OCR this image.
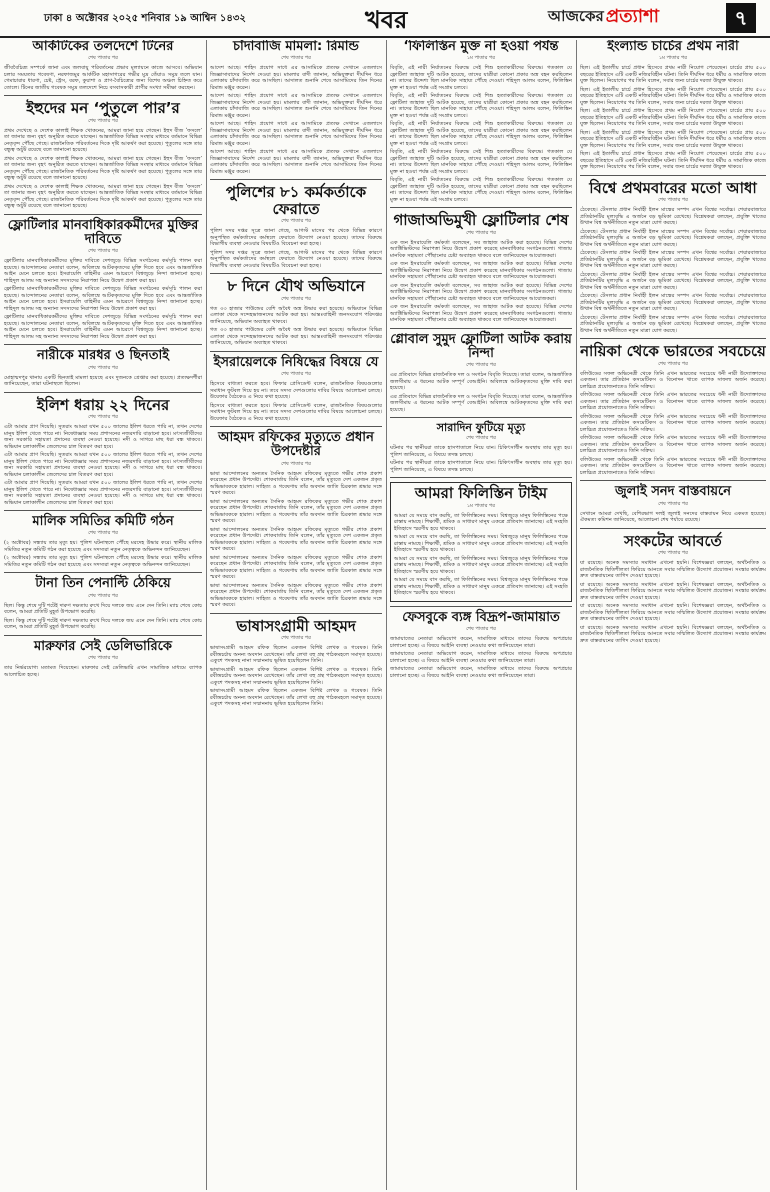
ঢাকা ৪ অক্টোবর ২০২৫ শনিবার ১৯ আশ্বিন ১৪৩২	খবর	আজকের প্রত্যাশা	৭
আর্কটিকের তলদেশে টিনের
শেষ পাতার পর

জীববৈচিত্র্য সম্পর্কে জানা এবং জলবায়ু পরিবর্তনের প্রভাব মূল্যায়নে কাজে আসবে। অভিযান চলার সময়তায় গবেষণা, নরফাজমুর আর্কটিক মহাসাগরের গভীর মুদ্র তেঁয়াও সমুদ্র তলে যান। গেমাচারার ধারণা, চেষ্ট, স্ট্রেস, বরফ, কুয়াশা ও প্রাণ-বৈচিত্র্যের জন্য বিশেষ অঞ্চল চিহ্নিত করে তোলে। টিনের জাতীয় গবেষক সমুদ্র তলদেশে নিচে বসবাসকারী প্রাণীর সংখ্যা সমীক্ষা করছেন।

ইহুদের মন ‘পুতুলে পার’র
শেষ পাতার পর

প্রথম দেখেছে ও দেশেক কালাই শিক্ষক খোকনের, আমরা জানা হয়ে গেছেন। ইহুদ বীজ ‘ফসলে’ তা জানার জন্য বৃহৎ অনুষ্ঠিত করতে যাচ্ছেন। আন্তর্জাতিক বিভিন্ন সংস্থার মাধ্যমে বর্তমানে বিভিন্ন নেতৃবৃন্দ পৌঁছে গেছে। রাজনৈতিক পরিবর্তনের দিকে দৃষ্টি আকর্ষণ করা হয়েছে। পুতুলের সঙ্গে তার বন্ধুত্ব অটুট রয়েছে বলে জানানো হয়েছে।

প্রথম দেখেছে ও দেশেক কালাই শিক্ষক খোকনের, আমরা জানা হয়ে গেছেন। ইহুদ বীজ ‘ফসলে’ তা জানার জন্য বৃহৎ অনুষ্ঠিত করতে যাচ্ছেন। আন্তর্জাতিক বিভিন্ন সংস্থার মাধ্যমে বর্তমানে বিভিন্ন নেতৃবৃন্দ পৌঁছে গেছে। রাজনৈতিক পরিবর্তনের দিকে দৃষ্টি আকর্ষণ করা হয়েছে। পুতুলের সঙ্গে তার বন্ধুত্ব অটুট রয়েছে বলে জানানো হয়েছে।

প্রথম দেখেছে ও দেশেক কালাই শিক্ষক খোকনের, আমরা জানা হয়ে গেছেন। ইহুদ বীজ ‘ফসলে’ তা জানার জন্য বৃহৎ অনুষ্ঠিত করতে যাচ্ছেন। আন্তর্জাতিক বিভিন্ন সংস্থার মাধ্যমে বর্তমানে বিভিন্ন নেতৃবৃন্দ পৌঁছে গেছে। রাজনৈতিক পরিবর্তনের দিকে দৃষ্টি আকর্ষণ করা হয়েছে। পুতুলের সঙ্গে তার বন্ধুত্ব অটুট রয়েছে বলে জানানো হয়েছে।

ফ্লোটিলার মানবাধিকারকর্মীদের মুক্তির দাবিতে
শেষ পাতার পর

ফ্লোটিলার মানবাধিকারকর্মীদের মুক্তির দাবিতে দেশজুড়ে বিভিন্ন সংগঠনের কর্মসূচি পালন করা হয়েছে। আন্দোলনের নেতারা বলেন, অবিলম্বে আটককৃতদের মুক্তি দিতে হবে এবং আন্তর্জাতিক আইন মেনে চলতে হবে। ইসরায়েলি বাহিনীর এমন আচরণে বিশ্বজুড়ে নিন্দা জানানো হচ্ছে। শাহিদুল আলম সহ অন্যান্য সদস্যদের নিরাপত্তা নিয়ে উদ্বেগ প্রকাশ করা হয়।

ফ্লোটিলার মানবাধিকারকর্মীদের মুক্তির দাবিতে দেশজুড়ে বিভিন্ন সংগঠনের কর্মসূচি পালন করা হয়েছে। আন্দোলনের নেতারা বলেন, অবিলম্বে আটককৃতদের মুক্তি দিতে হবে এবং আন্তর্জাতিক আইন মেনে চলতে হবে। ইসরায়েলি বাহিনীর এমন আচরণে বিশ্বজুড়ে নিন্দা জানানো হচ্ছে। শাহিদুল আলম সহ অন্যান্য সদস্যদের নিরাপত্তা নিয়ে উদ্বেগ প্রকাশ করা হয়।

ফ্লোটিলার মানবাধিকারকর্মীদের মুক্তির দাবিতে দেশজুড়ে বিভিন্ন সংগঠনের কর্মসূচি পালন করা হয়েছে। আন্দোলনের নেতারা বলেন, অবিলম্বে আটককৃতদের মুক্তি দিতে হবে এবং আন্তর্জাতিক আইন মেনে চলতে হবে। ইসরায়েলি বাহিনীর এমন আচরণে বিশ্বজুড়ে নিন্দা জানানো হচ্ছে। শাহিদুল আলম সহ অন্যান্য সদস্যদের নিরাপত্তা নিয়ে উদ্বেগ প্রকাশ করা হয়।

নারীকে মারধর ও ছিনতাই
শেষ পাতার পর

মোহাম্মদপুর থানায় একটি ছিনতাই মামলা হয়েছে এবং দুজনকে গ্রেপ্তার করা হয়েছে। প্রত্যক্ষদর্শীরা জানিয়েছেন, তারা ঘটনাস্থলে ছিলেন।

ইলিশ ধরায় ২২ দিনের
শেষ পাতার পর

এটা আমার প্রাণ দিয়েছি। সুতরাং আমরা যখন ৫০০ জালের ইলিশ ধরতে পারি না, তখন দেশের মানুষ ইলিশ খেতে পারে না। নিষেধাজ্ঞার সময় প্রশাসনের নজরদারি বাড়ানো হবে। মৎস্যজীবীদের জন্য সরকারি সহায়তা প্রদানের ব্যবস্থা নেওয়া হয়েছে। নদী ও সাগরে মাছ ধরা বন্ধ থাকবে। অভিযান চলাকালীন জেলেদের চাল বিতরণ করা হবে।

এটা আমার প্রাণ দিয়েছি। সুতরাং আমরা যখন ৫০০ জালের ইলিশ ধরতে পারি না, তখন দেশের মানুষ ইলিশ খেতে পারে না। নিষেধাজ্ঞার সময় প্রশাসনের নজরদারি বাড়ানো হবে। মৎস্যজীবীদের জন্য সরকারি সহায়তা প্রদানের ব্যবস্থা নেওয়া হয়েছে। নদী ও সাগরে মাছ ধরা বন্ধ থাকবে। অভিযান চলাকালীন জেলেদের চাল বিতরণ করা হবে।

এটা আমার প্রাণ দিয়েছি। সুতরাং আমরা যখন ৫০০ জালের ইলিশ ধরতে পারি না, তখন দেশের মানুষ ইলিশ খেতে পারে না। নিষেধাজ্ঞার সময় প্রশাসনের নজরদারি বাড়ানো হবে। মৎস্যজীবীদের জন্য সরকারি সহায়তা প্রদানের ব্যবস্থা নেওয়া হয়েছে। নদী ও সাগরে মাছ ধরা বন্ধ থাকবে। অভিযান চলাকালীন জেলেদের চাল বিতরণ করা হবে।

মালিক সমিতির কমিটি গঠন
শেষ পাতার পর

(২ অক্টোবর) সন্ধ্যায় তার মৃত্যু হয়। পুলিশ ঘটনাস্থলে পৌঁছে মরদেহ উদ্ধার করে। স্থানীয় মালিক সমিতির নতুন কমিটি গঠন করা হয়েছে এবং সদস্যরা নতুন নেতৃত্বকে অভিনন্দন জানিয়েছেন।

(২ অক্টোবর) সন্ধ্যায় তার মৃত্যু হয়। পুলিশ ঘটনাস্থলে পৌঁছে মরদেহ উদ্ধার করে। স্থানীয় মালিক সমিতির নতুন কমিটি গঠন করা হয়েছে এবং সদস্যরা নতুন নেতৃত্বকে অভিনন্দন জানিয়েছেন।

টানা তিন পেনাল্টি ঠেকিয়ে
শেষ পাতার পর

ছিল। কিন্তু শেষে দুটি শটেই দারুণ দক্ষতায় রুখে দিয়ে দলকে জয় এনে দেন তিনি। ম্যাচ শেষে কোচ বলেন, আমরা প্রতিটি মুহূর্ত উপভোগ করেছি।

ছিল। কিন্তু শেষে দুটি শটেই দারুণ দক্ষতায় রুখে দিয়ে দলকে জয় এনে দেন তিনি। ম্যাচ শেষে কোচ বলেন, আমরা প্রতিটি মুহূর্ত উপভোগ করেছি।

মারুফার সেই ডেলিভারিকে
শেষ পাতার পর

তার নির্ভরযোগ্য মতামত দিয়েছেন। মারুফার সেই ডেলিভারি এখন সামাজিক মাধ্যমে ব্যাপক আলোচিত হচ্ছে।

চাঁদাবাজি মামলা: রিমান্ড
শেষ পাতার পর

আদেশ আছে। শাহিদ প্রযোগ সাধে এর আসামিকে প্রত্যক্ষ সেখানে এজলাসে জিজ্ঞাসাবাদের নির্দেশ দেওয়া হয়। মামলার বাদী জানান, অভিযুক্তরা দীর্ঘদিন ধরে এলাকায় চাঁদাবাজি করে আসছিল। আদালত শুনানি শেষে আসামিদের তিন দিনের রিমান্ড মঞ্জুর করেন।

আদেশ আছে। শাহিদ প্রযোগ সাধে এর আসামিকে প্রত্যক্ষ সেখানে এজলাসে জিজ্ঞাসাবাদের নির্দেশ দেওয়া হয়। মামলার বাদী জানান, অভিযুক্তরা দীর্ঘদিন ধরে এলাকায় চাঁদাবাজি করে আসছিল। আদালত শুনানি শেষে আসামিদের তিন দিনের রিমান্ড মঞ্জুর করেন।

আদেশ আছে। শাহিদ প্রযোগ সাধে এর আসামিকে প্রত্যক্ষ সেখানে এজলাসে জিজ্ঞাসাবাদের নির্দেশ দেওয়া হয়। মামলার বাদী জানান, অভিযুক্তরা দীর্ঘদিন ধরে এলাকায় চাঁদাবাজি করে আসছিল। আদালত শুনানি শেষে আসামিদের তিন দিনের রিমান্ড মঞ্জুর করেন।

আদেশ আছে। শাহিদ প্রযোগ সাধে এর আসামিকে প্রত্যক্ষ সেখানে এজলাসে জিজ্ঞাসাবাদের নির্দেশ দেওয়া হয়। মামলার বাদী জানান, অভিযুক্তরা দীর্ঘদিন ধরে এলাকায় চাঁদাবাজি করে আসছিল। আদালত শুনানি শেষে আসামিদের তিন দিনের রিমান্ড মঞ্জুর করেন।

পুলিশের ৮১ কর্মকর্তাকে ফেরাতে
শেষ পাতার পর

পুলিশ সদর দপ্তর সূত্রে জানা গেছে, আগস্ট মাসের পর থেকে বিভিন্ন কারণে অনুপস্থিত কর্মকর্তাদের কর্মস্থলে ফেরাতে উদ্যোগ নেওয়া হয়েছে। তাদের বিরুদ্ধে বিভাগীয় ব্যবস্থা নেওয়ার বিষয়টিও বিবেচনা করা হচ্ছে।

পুলিশ সদর দপ্তর সূত্রে জানা গেছে, আগস্ট মাসের পর থেকে বিভিন্ন কারণে অনুপস্থিত কর্মকর্তাদের কর্মস্থলে ফেরাতে উদ্যোগ নেওয়া হয়েছে। তাদের বিরুদ্ধে বিভাগীয় ব্যবস্থা নেওয়ার বিষয়টিও বিবেচনা করা হচ্ছে।

৮ দিনে যৌথ অভিযানে
শেষ পাতার পর

গত ৩৩ হাজার পাউন্ডের বেশি অবৈধ অস্ত্র উদ্ধার করা হয়েছে। অভিযানে বিভিন্ন এলাকা থেকে সন্দেহভাজনদের আটক করা হয়। আন্তঃবাহিনী জনসংযোগ পরিদপ্তর জানিয়েছে, অভিযান অব্যাহত থাকবে।

গত ৩৩ হাজার পাউন্ডের বেশি অবৈধ অস্ত্র উদ্ধার করা হয়েছে। অভিযানে বিভিন্ন এলাকা থেকে সন্দেহভাজনদের আটক করা হয়। আন্তঃবাহিনী জনসংযোগ পরিদপ্তর জানিয়েছে, অভিযান অব্যাহত থাকবে।

ইসরায়েলকে নিষিদ্ধের বিষয়ে যে
শেষ পাতার পর

হিসেবে বাধ্যতা করতে হবে। ফিফার প্রেসিডেন্ট বলেন, রাজনৈতিক বিষয়গুলোর সমাধান ফুটবল দিয়ে হয় না। তবে সদস্য দেশগুলোর দাবির বিষয়ে আলোচনা চলছে। উয়েফার বৈঠকেও এ নিয়ে কথা হয়েছে।

হিসেবে বাধ্যতা করতে হবে। ফিফার প্রেসিডেন্ট বলেন, রাজনৈতিক বিষয়গুলোর সমাধান ফুটবল দিয়ে হয় না। তবে সদস্য দেশগুলোর দাবির বিষয়ে আলোচনা চলছে। উয়েফার বৈঠকেও এ নিয়ে কথা হয়েছে।

আহমদ রফিকের মৃত্যুতে প্রধান উপদেষ্টার
শেষ পাতার পর

ভাষা আন্দোলনের অন্যতম সৈনিক আহমদ রফিকের মৃত্যুতে গভীর শোক প্রকাশ করেছেন প্রধান উপদেষ্টা। শোকবার্তায় তিনি বলেন, তাঁর মৃত্যুতে দেশ একজন প্রকৃত অভিভাবককে হারাল। সাহিত্য ও গবেষণায় তাঁর অবদান জাতি চিরকাল শ্রদ্ধার সঙ্গে স্মরণ করবে।

ভাষা আন্দোলনের অন্যতম সৈনিক আহমদ রফিকের মৃত্যুতে গভীর শোক প্রকাশ করেছেন প্রধান উপদেষ্টা। শোকবার্তায় তিনি বলেন, তাঁর মৃত্যুতে দেশ একজন প্রকৃত অভিভাবককে হারাল। সাহিত্য ও গবেষণায় তাঁর অবদান জাতি চিরকাল শ্রদ্ধার সঙ্গে স্মরণ করবে।

ভাষা আন্দোলনের অন্যতম সৈনিক আহমদ রফিকের মৃত্যুতে গভীর শোক প্রকাশ করেছেন প্রধান উপদেষ্টা। শোকবার্তায় তিনি বলেন, তাঁর মৃত্যুতে দেশ একজন প্রকৃত অভিভাবককে হারাল। সাহিত্য ও গবেষণায় তাঁর অবদান জাতি চিরকাল শ্রদ্ধার সঙ্গে স্মরণ করবে।

ভাষা আন্দোলনের অন্যতম সৈনিক আহমদ রফিকের মৃত্যুতে গভীর শোক প্রকাশ করেছেন প্রধান উপদেষ্টা। শোকবার্তায় তিনি বলেন, তাঁর মৃত্যুতে দেশ একজন প্রকৃত অভিভাবককে হারাল। সাহিত্য ও গবেষণায় তাঁর অবদান জাতি চিরকাল শ্রদ্ধার সঙ্গে স্মরণ করবে।

ভাষা আন্দোলনের অন্যতম সৈনিক আহমদ রফিকের মৃত্যুতে গভীর শোক প্রকাশ করেছেন প্রধান উপদেষ্টা। শোকবার্তায় তিনি বলেন, তাঁর মৃত্যুতে দেশ একজন প্রকৃত অভিভাবককে হারাল। সাহিত্য ও গবেষণায় তাঁর অবদান জাতি চিরকাল শ্রদ্ধার সঙ্গে স্মরণ করবে।

ভাষাসংগ্রামী আহমদ
শেষ পাতার পর

ভাষাসংগ্রামী আহমদ রফিক ছিলেন একজন বিশিষ্ট লেখক ও গবেষক। তিনি রবীন্দ্রচর্চায় অনন্য অবদান রেখেছেন। তাঁর লেখা বহু গ্রন্থ পাঠকমহলে সমাদৃত হয়েছে। একুশে পদকসহ নানা সম্মাননায় ভূষিত হয়েছিলেন তিনি।

ভাষাসংগ্রামী আহমদ রফিক ছিলেন একজন বিশিষ্ট লেখক ও গবেষক। তিনি রবীন্দ্রচর্চায় অনন্য অবদান রেখেছেন। তাঁর লেখা বহু গ্রন্থ পাঠকমহলে সমাদৃত হয়েছে। একুশে পদকসহ নানা সম্মাননায় ভূষিত হয়েছিলেন তিনি।

ভাষাসংগ্রামী আহমদ রফিক ছিলেন একজন বিশিষ্ট লেখক ও গবেষক। তিনি রবীন্দ্রচর্চায় অনন্য অবদান রেখেছেন। তাঁর লেখা বহু গ্রন্থ পাঠকমহলে সমাদৃত হয়েছে। একুশে পদকসহ নানা সম্মাননায় ভূষিত হয়েছিলেন তিনি।

‘ফিলিস্তিন মুক্ত না হওয়া পর্যন্ত
১ম পাতার পর

বিবৃতি, এই নারী নির্যাতনের বিরুদ্ধে সেই শিশু হত্যাকারীদের বিরুদ্ধে। গতকাল যে ফ্লোটিলা জাহাজ দুটি আটক হয়েছে, তাদের যাত্রীরা কোনো প্রকার অস্ত্র বহন করছিলেন না। তাদের উদ্দেশ্য ছিল মানবিক সাহায্য পৌঁছে দেওয়া। শহিদুল আলম বলেন, ফিলিস্তিন মুক্ত না হওয়া পর্যন্ত এই সংগ্রাম চলবে।

বিবৃতি, এই নারী নির্যাতনের বিরুদ্ধে সেই শিশু হত্যাকারীদের বিরুদ্ধে। গতকাল যে ফ্লোটিলা জাহাজ দুটি আটক হয়েছে, তাদের যাত্রীরা কোনো প্রকার অস্ত্র বহন করছিলেন না। তাদের উদ্দেশ্য ছিল মানবিক সাহায্য পৌঁছে দেওয়া। শহিদুল আলম বলেন, ফিলিস্তিন মুক্ত না হওয়া পর্যন্ত এই সংগ্রাম চলবে।

বিবৃতি, এই নারী নির্যাতনের বিরুদ্ধে সেই শিশু হত্যাকারীদের বিরুদ্ধে। গতকাল যে ফ্লোটিলা জাহাজ দুটি আটক হয়েছে, তাদের যাত্রীরা কোনো প্রকার অস্ত্র বহন করছিলেন না। তাদের উদ্দেশ্য ছিল মানবিক সাহায্য পৌঁছে দেওয়া। শহিদুল আলম বলেন, ফিলিস্তিন মুক্ত না হওয়া পর্যন্ত এই সংগ্রাম চলবে।

বিবৃতি, এই নারী নির্যাতনের বিরুদ্ধে সেই শিশু হত্যাকারীদের বিরুদ্ধে। গতকাল যে ফ্লোটিলা জাহাজ দুটি আটক হয়েছে, তাদের যাত্রীরা কোনো প্রকার অস্ত্র বহন করছিলেন না। তাদের উদ্দেশ্য ছিল মানবিক সাহায্য পৌঁছে দেওয়া। শহিদুল আলম বলেন, ফিলিস্তিন মুক্ত না হওয়া পর্যন্ত এই সংগ্রাম চলবে।

বিবৃতি, এই নারী নির্যাতনের বিরুদ্ধে সেই শিশু হত্যাকারীদের বিরুদ্ধে। গতকাল যে ফ্লোটিলা জাহাজ দুটি আটক হয়েছে, তাদের যাত্রীরা কোনো প্রকার অস্ত্র বহন করছিলেন না। তাদের উদ্দেশ্য ছিল মানবিক সাহায্য পৌঁছে দেওয়া। শহিদুল আলম বলেন, ফিলিস্তিন মুক্ত না হওয়া পর্যন্ত এই সংগ্রাম চলবে।

গাজাঅভিমুখী ফ্লোটিলার শেষ
শেষ পাতার পর

এক জন ইসরায়েলি কর্মকর্তা বলেছেন, সব জাহাজ আটক করা হয়েছে। বিভিন্ন দেশের অ্যাক্টিভিস্টদের নিরাপত্তা নিয়ে উদ্বেগ প্রকাশ করেছে মানবাধিকার সংগঠনগুলো। গাজায় মানবিক সহায়তা পৌঁছানোর চেষ্টা অব্যাহত থাকবে বলে জানিয়েছেন আয়োজকরা।

এক জন ইসরায়েলি কর্মকর্তা বলেছেন, সব জাহাজ আটক করা হয়েছে। বিভিন্ন দেশের অ্যাক্টিভিস্টদের নিরাপত্তা নিয়ে উদ্বেগ প্রকাশ করেছে মানবাধিকার সংগঠনগুলো। গাজায় মানবিক সহায়তা পৌঁছানোর চেষ্টা অব্যাহত থাকবে বলে জানিয়েছেন আয়োজকরা।

এক জন ইসরায়েলি কর্মকর্তা বলেছেন, সব জাহাজ আটক করা হয়েছে। বিভিন্ন দেশের অ্যাক্টিভিস্টদের নিরাপত্তা নিয়ে উদ্বেগ প্রকাশ করেছে মানবাধিকার সংগঠনগুলো। গাজায় মানবিক সহায়তা পৌঁছানোর চেষ্টা অব্যাহত থাকবে বলে জানিয়েছেন আয়োজকরা।

এক জন ইসরায়েলি কর্মকর্তা বলেছেন, সব জাহাজ আটক করা হয়েছে। বিভিন্ন দেশের অ্যাক্টিভিস্টদের নিরাপত্তা নিয়ে উদ্বেগ প্রকাশ করেছে মানবাধিকার সংগঠনগুলো। গাজায় মানবিক সহায়তা পৌঁছানোর চেষ্টা অব্যাহত থাকবে বলে জানিয়েছেন আয়োজকরা।

গ্লোবাল সুমুদ ফ্লোটিলা আটক করায় নিন্দা
শেষ পাতার পর

এর প্রতিবাদে বিভিন্ন রাজনৈতিক দল ও সংগঠন বিবৃতি দিয়েছে। তারা বলেন, আন্তর্জাতিক জলসীমায় এ ধরনের আটক সম্পূর্ণ বেআইনি। অবিলম্বে আটককৃতদের মুক্তি দাবি করা হয়েছে।

এর প্রতিবাদে বিভিন্ন রাজনৈতিক দল ও সংগঠন বিবৃতি দিয়েছে। তারা বলেন, আন্তর্জাতিক জলসীমায় এ ধরনের আটক সম্পূর্ণ বেআইনি। অবিলম্বে আটককৃতদের মুক্তি দাবি করা হয়েছে।

সারাদিন ফুটিয়ে মৃত্যু
শেষ পাতার পর

ঘটনার পর স্থানীয়রা তাকে হাসপাতালে নিয়ে যান। চিকিৎসাধীন অবস্থায় তার মৃত্যু হয়। পুলিশ জানিয়েছে, এ বিষয়ে তদন্ত চলছে।

ঘটনার পর স্থানীয়রা তাকে হাসপাতালে নিয়ে যান। চিকিৎসাধীন অবস্থায় তার মৃত্যু হয়। পুলিশ জানিয়েছে, এ বিষয়ে তদন্ত চলছে।

আমরা ফিলিস্তিন টাইম
১ম পাতার পর

আমরা যে সময়ে বাস করছি, তা ফিলিস্তিনের সময়। বিশ্বজুড়ে মানুষ ফিলিস্তিনের পক্ষে রাস্তায় নামছে। শিক্ষার্থী, শ্রমিক ও সাধারণ মানুষ একত্রে প্রতিবাদ জানাচ্ছে। এই সংহতি ইতিহাসে স্মরণীয় হয়ে থাকবে।

আমরা যে সময়ে বাস করছি, তা ফিলিস্তিনের সময়। বিশ্বজুড়ে মানুষ ফিলিস্তিনের পক্ষে রাস্তায় নামছে। শিক্ষার্থী, শ্রমিক ও সাধারণ মানুষ একত্রে প্রতিবাদ জানাচ্ছে। এই সংহতি ইতিহাসে স্মরণীয় হয়ে থাকবে।

আমরা যে সময়ে বাস করছি, তা ফিলিস্তিনের সময়। বিশ্বজুড়ে মানুষ ফিলিস্তিনের পক্ষে রাস্তায় নামছে। শিক্ষার্থী, শ্রমিক ও সাধারণ মানুষ একত্রে প্রতিবাদ জানাচ্ছে। এই সংহতি ইতিহাসে স্মরণীয় হয়ে থাকবে।

আমরা যে সময়ে বাস করছি, তা ফিলিস্তিনের সময়। বিশ্বজুড়ে মানুষ ফিলিস্তিনের পক্ষে রাস্তায় নামছে। শিক্ষার্থী, শ্রমিক ও সাধারণ মানুষ একত্রে প্রতিবাদ জানাচ্ছে। এই সংহতি ইতিহাসে স্মরণীয় হয়ে থাকবে।

ফেসবুকে ব্যঙ্গ বিদ্রূপ-জামায়াত
শেষ পাতার পর

জামায়াতের নেতারা অভিযোগ করেন, সামাজিক মাধ্যমে তাদের বিরুদ্ধে অপপ্রচার চালানো হচ্ছে। এ বিষয়ে আইনি ব্যবস্থা নেওয়ার কথা জানিয়েছেন তারা।

জামায়াতের নেতারা অভিযোগ করেন, সামাজিক মাধ্যমে তাদের বিরুদ্ধে অপপ্রচার চালানো হচ্ছে। এ বিষয়ে আইনি ব্যবস্থা নেওয়ার কথা জানিয়েছেন তারা।

জামায়াতের নেতারা অভিযোগ করেন, সামাজিক মাধ্যমে তাদের বিরুদ্ধে অপপ্রচার চালানো হচ্ছে। এ বিষয়ে আইনি ব্যবস্থা নেওয়ার কথা জানিয়েছেন তারা।

ইংল্যান্ড চার্চের প্রথম নারী
১ম পাতার পর

ছিল। এই ইতালীয় চার্চে প্রধান হিসেবে প্রথম নারী নিয়োগ পেয়েছেন। চার্চের প্রায় ৫০০ বছরের ইতিহাসে এটি একটি নজিরবিহীন ঘটনা। তিনি দীর্ঘদিন ধরে ধর্মীয় ও সামাজিক কাজে যুক্ত ছিলেন। নিয়োগের পর তিনি বলেন, সবার জন্য চার্চের দরজা উন্মুক্ত থাকবে।

ছিল। এই ইতালীয় চার্চে প্রধান হিসেবে প্রথম নারী নিয়োগ পেয়েছেন। চার্চের প্রায় ৫০০ বছরের ইতিহাসে এটি একটি নজিরবিহীন ঘটনা। তিনি দীর্ঘদিন ধরে ধর্মীয় ও সামাজিক কাজে যুক্ত ছিলেন। নিয়োগের পর তিনি বলেন, সবার জন্য চার্চের দরজা উন্মুক্ত থাকবে।

ছিল। এই ইতালীয় চার্চে প্রধান হিসেবে প্রথম নারী নিয়োগ পেয়েছেন। চার্চের প্রায় ৫০০ বছরের ইতিহাসে এটি একটি নজিরবিহীন ঘটনা। তিনি দীর্ঘদিন ধরে ধর্মীয় ও সামাজিক কাজে যুক্ত ছিলেন। নিয়োগের পর তিনি বলেন, সবার জন্য চার্চের দরজা উন্মুক্ত থাকবে।

ছিল। এই ইতালীয় চার্চে প্রধান হিসেবে প্রথম নারী নিয়োগ পেয়েছেন। চার্চের প্রায় ৫০০ বছরের ইতিহাসে এটি একটি নজিরবিহীন ঘটনা। তিনি দীর্ঘদিন ধরে ধর্মীয় ও সামাজিক কাজে যুক্ত ছিলেন। নিয়োগের পর তিনি বলেন, সবার জন্য চার্চের দরজা উন্মুক্ত থাকবে।

ছিল। এই ইতালীয় চার্চে প্রধান হিসেবে প্রথম নারী নিয়োগ পেয়েছেন। চার্চের প্রায় ৫০০ বছরের ইতিহাসে এটি একটি নজিরবিহীন ঘটনা। তিনি দীর্ঘদিন ধরে ধর্মীয় ও সামাজিক কাজে যুক্ত ছিলেন। নিয়োগের পর তিনি বলেন, সবার জন্য চার্চের দরজা উন্মুক্ত থাকবে।

বিশ্বে প্রথমবারের মতো আধা
শেষ পাতার পর

ঠেকেছে। টেসলার প্রধান নির্বাহী ইলন মাস্কের সম্পদ এখন বিশ্বের সর্বোচ্চ। শেয়ারবাজারে প্রতিষ্ঠানটির মূল্যবৃদ্ধি এ অর্জনে বড় ভূমিকা রেখেছে। বিশ্লেষকরা বলছেন, প্রযুক্তি খাতের উত্থান বিশ্ব অর্থনীতিতে নতুন মাত্রা যোগ করছে।

ঠেকেছে। টেসলার প্রধান নির্বাহী ইলন মাস্কের সম্পদ এখন বিশ্বের সর্বোচ্চ। শেয়ারবাজারে প্রতিষ্ঠানটির মূল্যবৃদ্ধি এ অর্জনে বড় ভূমিকা রেখেছে। বিশ্লেষকরা বলছেন, প্রযুক্তি খাতের উত্থান বিশ্ব অর্থনীতিতে নতুন মাত্রা যোগ করছে।

ঠেকেছে। টেসলার প্রধান নির্বাহী ইলন মাস্কের সম্পদ এখন বিশ্বের সর্বোচ্চ। শেয়ারবাজারে প্রতিষ্ঠানটির মূল্যবৃদ্ধি এ অর্জনে বড় ভূমিকা রেখেছে। বিশ্লেষকরা বলছেন, প্রযুক্তি খাতের উত্থান বিশ্ব অর্থনীতিতে নতুন মাত্রা যোগ করছে।

ঠেকেছে। টেসলার প্রধান নির্বাহী ইলন মাস্কের সম্পদ এখন বিশ্বের সর্বোচ্চ। শেয়ারবাজারে প্রতিষ্ঠানটির মূল্যবৃদ্ধি এ অর্জনে বড় ভূমিকা রেখেছে। বিশ্লেষকরা বলছেন, প্রযুক্তি খাতের উত্থান বিশ্ব অর্থনীতিতে নতুন মাত্রা যোগ করছে।

ঠেকেছে। টেসলার প্রধান নির্বাহী ইলন মাস্কের সম্পদ এখন বিশ্বের সর্বোচ্চ। শেয়ারবাজারে প্রতিষ্ঠানটির মূল্যবৃদ্ধি এ অর্জনে বড় ভূমিকা রেখেছে। বিশ্লেষকরা বলছেন, প্রযুক্তি খাতের উত্থান বিশ্ব অর্থনীতিতে নতুন মাত্রা যোগ করছে।

ঠেকেছে। টেসলার প্রধান নির্বাহী ইলন মাস্কের সম্পদ এখন বিশ্বের সর্বোচ্চ। শেয়ারবাজারে প্রতিষ্ঠানটির মূল্যবৃদ্ধি এ অর্জনে বড় ভূমিকা রেখেছে। বিশ্লেষকরা বলছেন, প্রযুক্তি খাতের উত্থান বিশ্ব অর্থনীতিতে নতুন মাত্রা যোগ করছে।

নায়িকা থেকে ভারতের সবচেয়ে
শেষ পাতার পর

বলিউডের সফল অভিনেত্রী থেকে তিনি এখন ভারতের সবচেয়ে ধনী নারী উদ্যোক্তাদের একজন। তার প্রতিষ্ঠান কসমেটিকস ও বিনোদন খাতে ব্যাপক সাফল্য অর্জন করেছে। চলচ্চিত্র প্রযোজনাতেও তিনি সক্রিয়।

বলিউডের সফল অভিনেত্রী থেকে তিনি এখন ভারতের সবচেয়ে ধনী নারী উদ্যোক্তাদের একজন। তার প্রতিষ্ঠান কসমেটিকস ও বিনোদন খাতে ব্যাপক সাফল্য অর্জন করেছে। চলচ্চিত্র প্রযোজনাতেও তিনি সক্রিয়।

বলিউডের সফল অভিনেত্রী থেকে তিনি এখন ভারতের সবচেয়ে ধনী নারী উদ্যোক্তাদের একজন। তার প্রতিষ্ঠান কসমেটিকস ও বিনোদন খাতে ব্যাপক সাফল্য অর্জন করেছে। চলচ্চিত্র প্রযোজনাতেও তিনি সক্রিয়।

বলিউডের সফল অভিনেত্রী থেকে তিনি এখন ভারতের সবচেয়ে ধনী নারী উদ্যোক্তাদের একজন। তার প্রতিষ্ঠান কসমেটিকস ও বিনোদন খাতে ব্যাপক সাফল্য অর্জন করেছে। চলচ্চিত্র প্রযোজনাতেও তিনি সক্রিয়।

বলিউডের সফল অভিনেত্রী থেকে তিনি এখন ভারতের সবচেয়ে ধনী নারী উদ্যোক্তাদের একজন। তার প্রতিষ্ঠান কসমেটিকস ও বিনোদন খাতে ব্যাপক সাফল্য অর্জন করেছে। চলচ্চিত্র প্রযোজনাতেও তিনি সক্রিয়।

জুলাই সনদ বাস্তবায়নে
শেষ পাতার পর

সেখানে আমরা দেখছি, বেশিরভাগ দলই জুলাই সনদের বাস্তবায়ন নিয়ে একমত হয়েছে। ঐকমত্য কমিশন জানিয়েছে, আলোচনা শেষ পর্যায়ে রয়েছে।

সংকটের আবর্তে
শেষ পাতার পর

যা রয়েছে। অনেক সমস্যার সমাধান এখনো হয়নি। বিশেষজ্ঞরা বলছেন, অর্থনৈতিক ও রাজনৈতিক স্থিতিশীলতা ফিরিয়ে আনতে সবার সম্মিলিত উদ্যোগ প্রয়োজন। সংস্কার কার্যক্রম দ্রুত বাস্তবায়নের তাগিদ দেওয়া হয়েছে।

যা রয়েছে। অনেক সমস্যার সমাধান এখনো হয়নি। বিশেষজ্ঞরা বলছেন, অর্থনৈতিক ও রাজনৈতিক স্থিতিশীলতা ফিরিয়ে আনতে সবার সম্মিলিত উদ্যোগ প্রয়োজন। সংস্কার কার্যক্রম দ্রুত বাস্তবায়নের তাগিদ দেওয়া হয়েছে।

যা রয়েছে। অনেক সমস্যার সমাধান এখনো হয়নি। বিশেষজ্ঞরা বলছেন, অর্থনৈতিক ও রাজনৈতিক স্থিতিশীলতা ফিরিয়ে আনতে সবার সম্মিলিত উদ্যোগ প্রয়োজন। সংস্কার কার্যক্রম দ্রুত বাস্তবায়নের তাগিদ দেওয়া হয়েছে।

যা রয়েছে। অনেক সমস্যার সমাধান এখনো হয়নি। বিশেষজ্ঞরা বলছেন, অর্থনৈতিক ও রাজনৈতিক স্থিতিশীলতা ফিরিয়ে আনতে সবার সম্মিলিত উদ্যোগ প্রয়োজন। সংস্কার কার্যক্রম দ্রুত বাস্তবায়নের তাগিদ দেওয়া হয়েছে।
